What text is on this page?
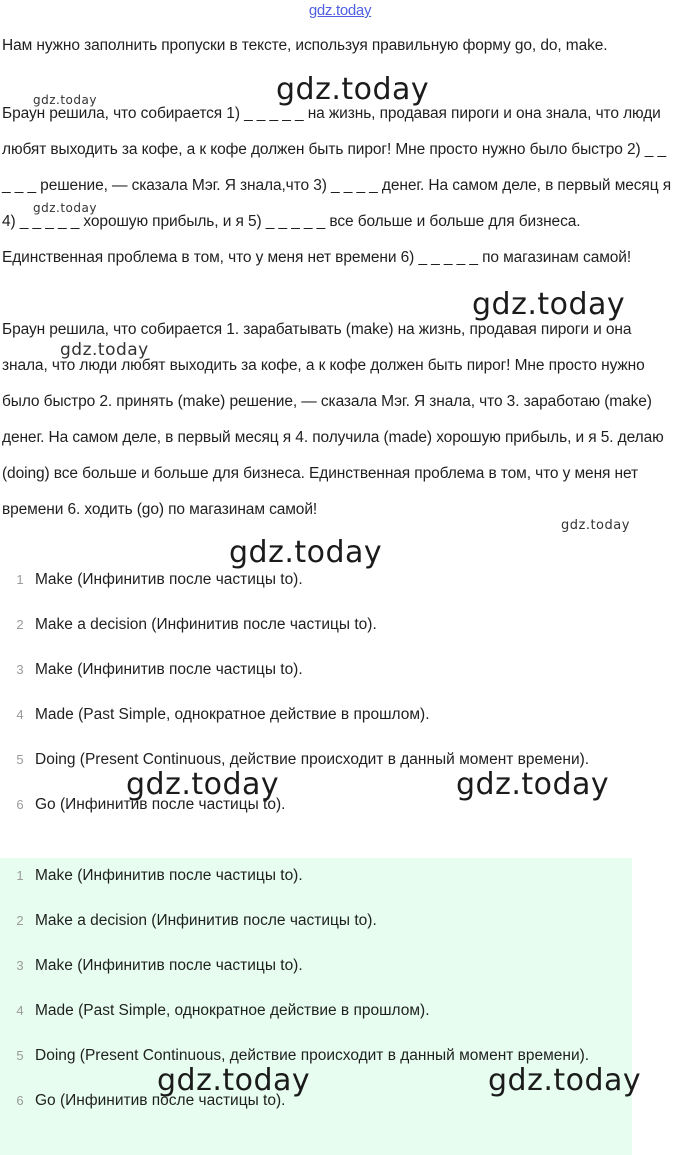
gdz.today
Нам нужно заполнить пропуски в тексте, используя правильную форму go, do, make.
Браун решила, что собирается 1) _ _ _ _ _ на жизнь, продавая пироги и она знала, что люди любят выходить за кофе, а к кофе должен быть пирог! Мне просто нужно было быстро 2) _ _ _ _ _ решение, — сказала Мэг. Я знала,что 3) _ _ _ _ денег. На самом деле, в первый месяц я 4) _ _ _ _ _ хорошую прибыль, и я 5) _ _ _ _ _ все больше и больше для бизнеса. Единственная проблема в том, что у меня нет времени 6) _ _ _ _ _ по магазинам самой!
Браун решила, что собирается 1. зарабатывать (make) на жизнь, продавая пироги и она знала, что люди любят выходить за кофе, а к кофе должен быть пирог! Мне просто нужно было быстро 2. принять (make) решение, — сказала Мэг. Я знала, что 3. заработаю (make) денег. На самом деле, в первый месяц я 4. получила (made) хорошую прибыль, и я 5. делаю (doing) все больше и больше для бизнеса. Единственная проблема в том, что у меня нет времени 6. ходить (go) по магазинам самой!
1 Make (Инфинитив после частицы to).
2 Make a decision (Инфинитив после частицы to).
3 Make (Инфинитив после частицы to).
4 Made (Past Simple, однократное действие в прошлом).
5 Doing (Present Continuous, действие происходит в данный момент времени).
6 Go (Инфинитив после частицы to).
1 Make (Инфинитив после частицы to).
2 Make a decision (Инфинитив после частицы to).
3 Make (Инфинитив после частицы to).
4 Made (Past Simple, однократное действие в прошлом).
5 Doing (Present Continuous, действие происходит в данный момент времени).
6 Go (Инфинитив после частицы to).
gdz.today
gdz.today
gdz.today
gdz.today
gdz.today
gdz.today
gdz.today
gdz.today	gdz.today
gdz.today	gdz.today
